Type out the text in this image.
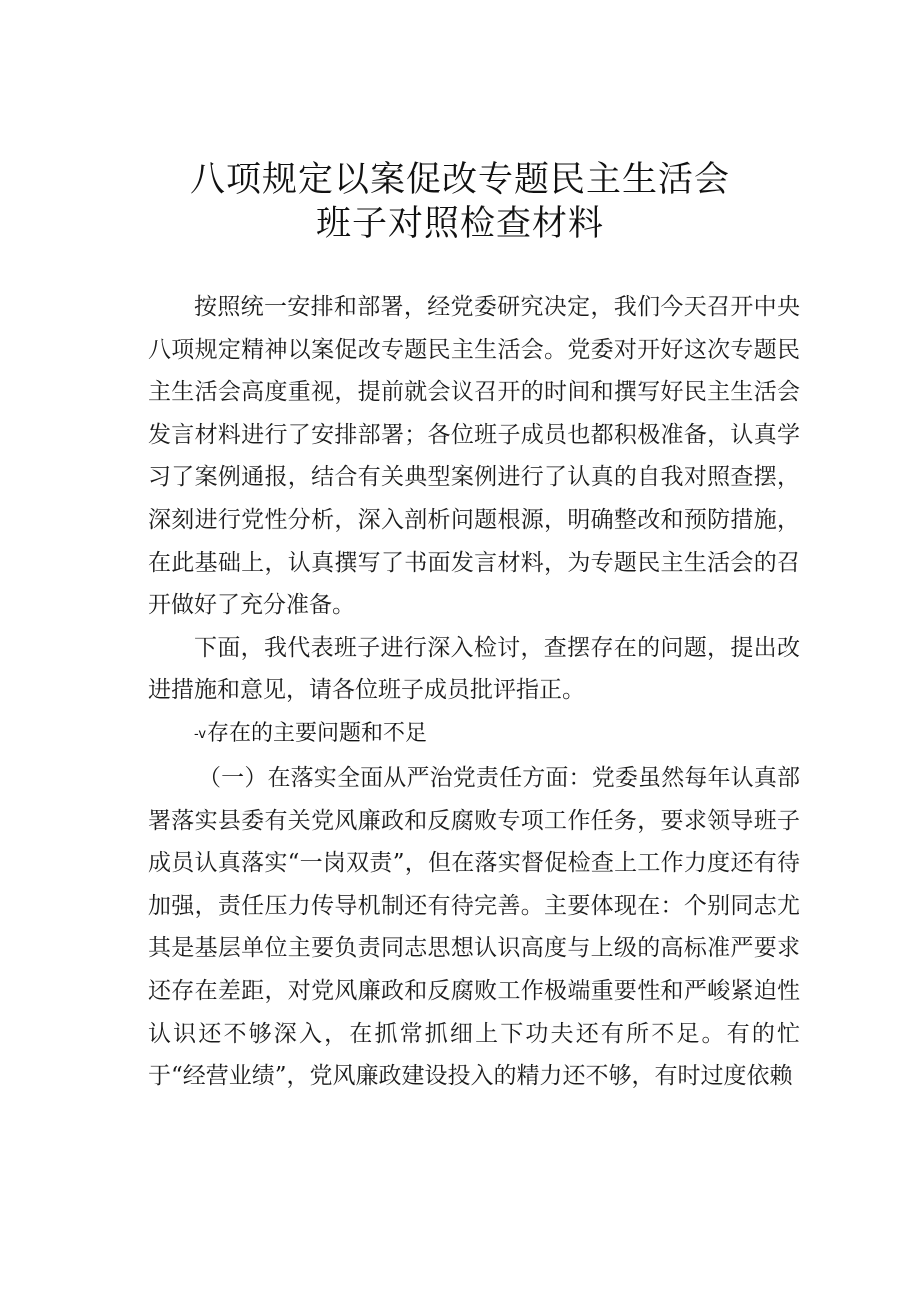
八项规定以案促改专题民主生活会
班子对照检查材料

按照统一安排和部署，经党委研究决定，我们今天召开中央八项规定精神以案促改专题民主生活会。党委对开好这次专题民主生活会高度重视，提前就会议召开的时间和撰写好民主生活会发言材料进行了安排部署；各位班子成员也都积极准备，认真学习了案例通报，结合有关典型案例进行了认真的自我对照查摆，深刻进行党性分析，深入剖析问题根源，明确整改和预防措施，在此基础上，认真撰写了书面发言材料，为专题民主生活会的召开做好了充分准备。

下面，我代表班子进行深入检讨，查摆存在的问题，提出改进措施和意见，请各位班子成员批评指正。

-v存在的主要问题和不足

（一）在落实全面从严治党责任方面：党委虽然每年认真部署落实县委有关党风廉政和反腐败专项工作任务，要求领导班子成员认真落实“一岗双责”，但在落实督促检查上工作力度还有待加强，责任压力传导机制还有待完善。主要体现在：个别同志尤其是基层单位主要负责同志思想认识高度与上级的高标准严要求还存在差距，对党风廉政和反腐败工作极端重要性和严峻紧迫性认识还不够深入，在抓常抓细上下功夫还有所不足。有的忙于“经营业绩”，党风廉政建设投入的精力还不够，有时过度依赖
